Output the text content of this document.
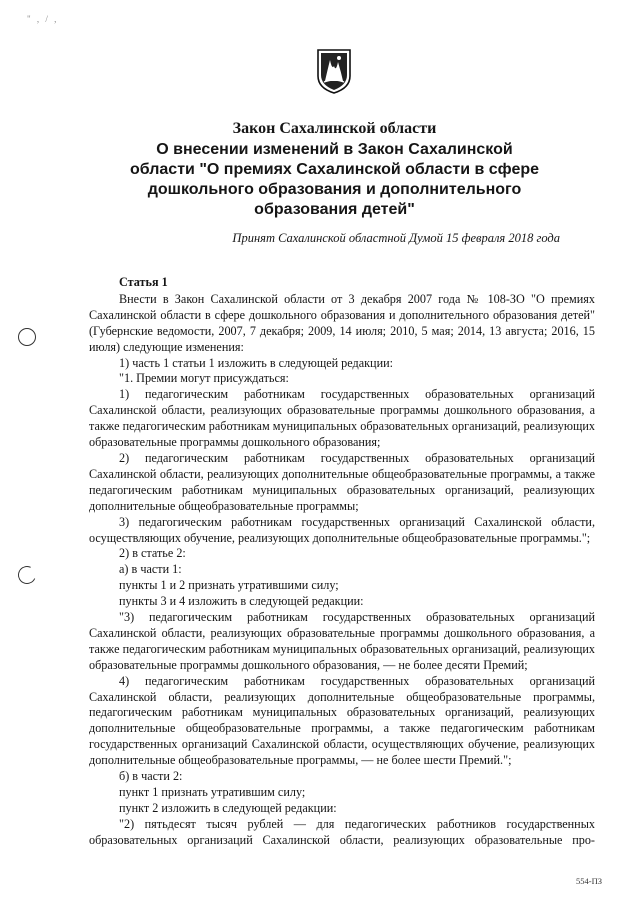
" , / ,
Закон Сахалинской области
О внесении изменений в Закон Сахалинской
области "О премиях Сахалинской области в сфере
дошкольного образования и дополнительного
образования детей"
Принят Сахалинской областной Думой 15 февраля 2018 года

Статья 1

Внести в Закон Сахалинской области от 3 декабря 2007 года № 108-ЗО "О премиях Сахалинской области в сфере дошкольного образования и дополнительного образования детей" (Губернские ведомости, 2007, 7 декабря; 2009, 14 июля; 2010, 5 мая; 2014, 13 августа; 2016, 15 июля) следующие изменения:

1) часть 1 статьи 1 изложить в следующей редакции:

"1. Премии могут присуждаться:

1) педагогическим работникам государственных образовательных организаций Сахалинской области, реализующих образовательные программы дошкольного образования, а также педагогическим работникам муниципальных образовательных организаций, реализующих образовательные программы дошкольного образования;

2) педагогическим работникам государственных образовательных организаций Сахалинской области, реализующих дополнительные общеобразовательные программы, а также педагогическим работникам муниципальных образовательных организаций, реализующих дополнительные общеобразовательные программы;

3) педагогическим работникам государственных организаций Сахалинской области, осуществляющих обучение, реализующих дополнительные общеобразовательные программы.";

2) в статье 2:

а) в части 1:

пункты 1 и 2 признать утратившими силу;

пункты 3 и 4 изложить в следующей редакции:

"3) педагогическим работникам государственных образовательных организаций Сахалинской области, реализующих образовательные программы дошкольного образования, а также педагогическим работникам муниципальных образовательных организаций, реализующих образовательные программы дошкольного образования, — не более десяти Премий;

4) педагогическим работникам государственных образовательных организаций Сахалинской области, реализующих дополнительные общеобразовательные программы, педагогическим работникам муниципальных образовательных организаций, реализующих дополнительные общеобразовательные программы, а также педагогическим работникам государственных организаций Сахалинской области, осуществляющих обучение, реализующих дополнительные общеобразовательные программы, — не более шести Премий.";

б) в части 2:

пункт 1 признать утратившим силу;

пункт 2 изложить в следующей редакции:

"2) пятьдесят тысяч рублей — для педагогических работников государственных образовательных организаций Сахалинской области, реализующих образовательные про-

554-ПЗ
